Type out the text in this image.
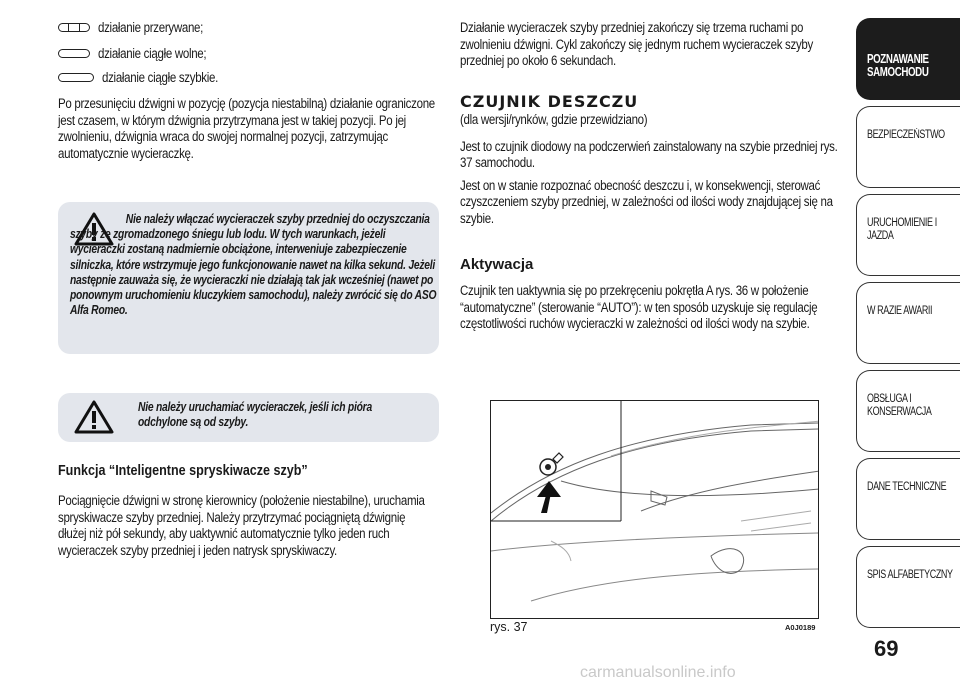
działanie przerywane;
działanie ciągłe wolne;
działanie ciągłe szybkie.

Po przesunięciu dźwigni w pozycję (pozycja niestabilną) działanie ograniczone jest czasem, w którym dźwignia przytrzymana jest w takiej pozycji. Po jej zwolnieniu, dźwignia wraca do swojej normalnej pozycji, zatrzymując automatycznie wycieraczkę.

Nie należy włączać wycieraczek szyby przedniej do oczyszczania szyby ze zgromadzonego śniegu lub lodu. W tych warunkach, jeżeli wycieraczki zostaną nadmiernie obciążone, interweniuje zabezpieczenie silniczka, które wstrzymuje jego funkcjonowanie nawet na kilka sekund. Jeżeli następnie zauważa się, że wycieraczki nie działają tak jak wcześniej (nawet po ponownym uruchomieniu kluczykiem samochodu), należy zwrócić się do ASO Alfa Romeo.
Nie należy uruchamiać wycieraczek, jeśli ich pióra odchylone są od szyby.
Funkcja “Inteligentne spryskiwacze szyb”

Pociągnięcie dźwigni w stronę kierownicy (położenie niestabilne), uruchamia spryskiwacze szyby przedniej. Należy przytrzymać pociągniętą dźwignię dłużej niż pół sekundy, aby uaktywnić automatycznie tylko jeden ruch wycieraczek szyby przedniej i jeden natrysk spryskiwaczy.

Działanie wycieraczek szyby przedniej zakończy się trzema ruchami po zwolnieniu dźwigni. Cykl zakończy się jednym ruchem wycieraczek szyby przedniej po około 6 sekundach.

CZUJNIK DESZCZU

(dla wersji/rynków, gdzie przewidziano)

Jest to czujnik diodowy na podczerwień zainstalowany na szybie przedniej rys. 37 samochodu.

Jest on w stanie rozpoznać obecność deszczu i, w konsekwencji, sterować czyszczeniem szyby przedniej, w zależności od ilości wody znajdującej się na szybie.

Aktywacja

Czujnik ten uaktywnia się po przekręceniu pokrętła A rys. 36 w położenie “automatyczne” (sterowanie “AUTO”): w ten sposób uzyskuje się regulację częstotliwości ruchów wycieraczki w zależności od ilości wody na szybie.

rys. 37	A0J0189
POZNAWANIE SAMOCHODU
BEZPIECZEŃSTWO
URUCHOMIENIE I JAZDA
W RAZIE AWARII
OBSŁUGA I KONSERWACJA
DANE TECHNICZNE
SPIS ALFABETYCZNY
69
carmanualsonline.info
